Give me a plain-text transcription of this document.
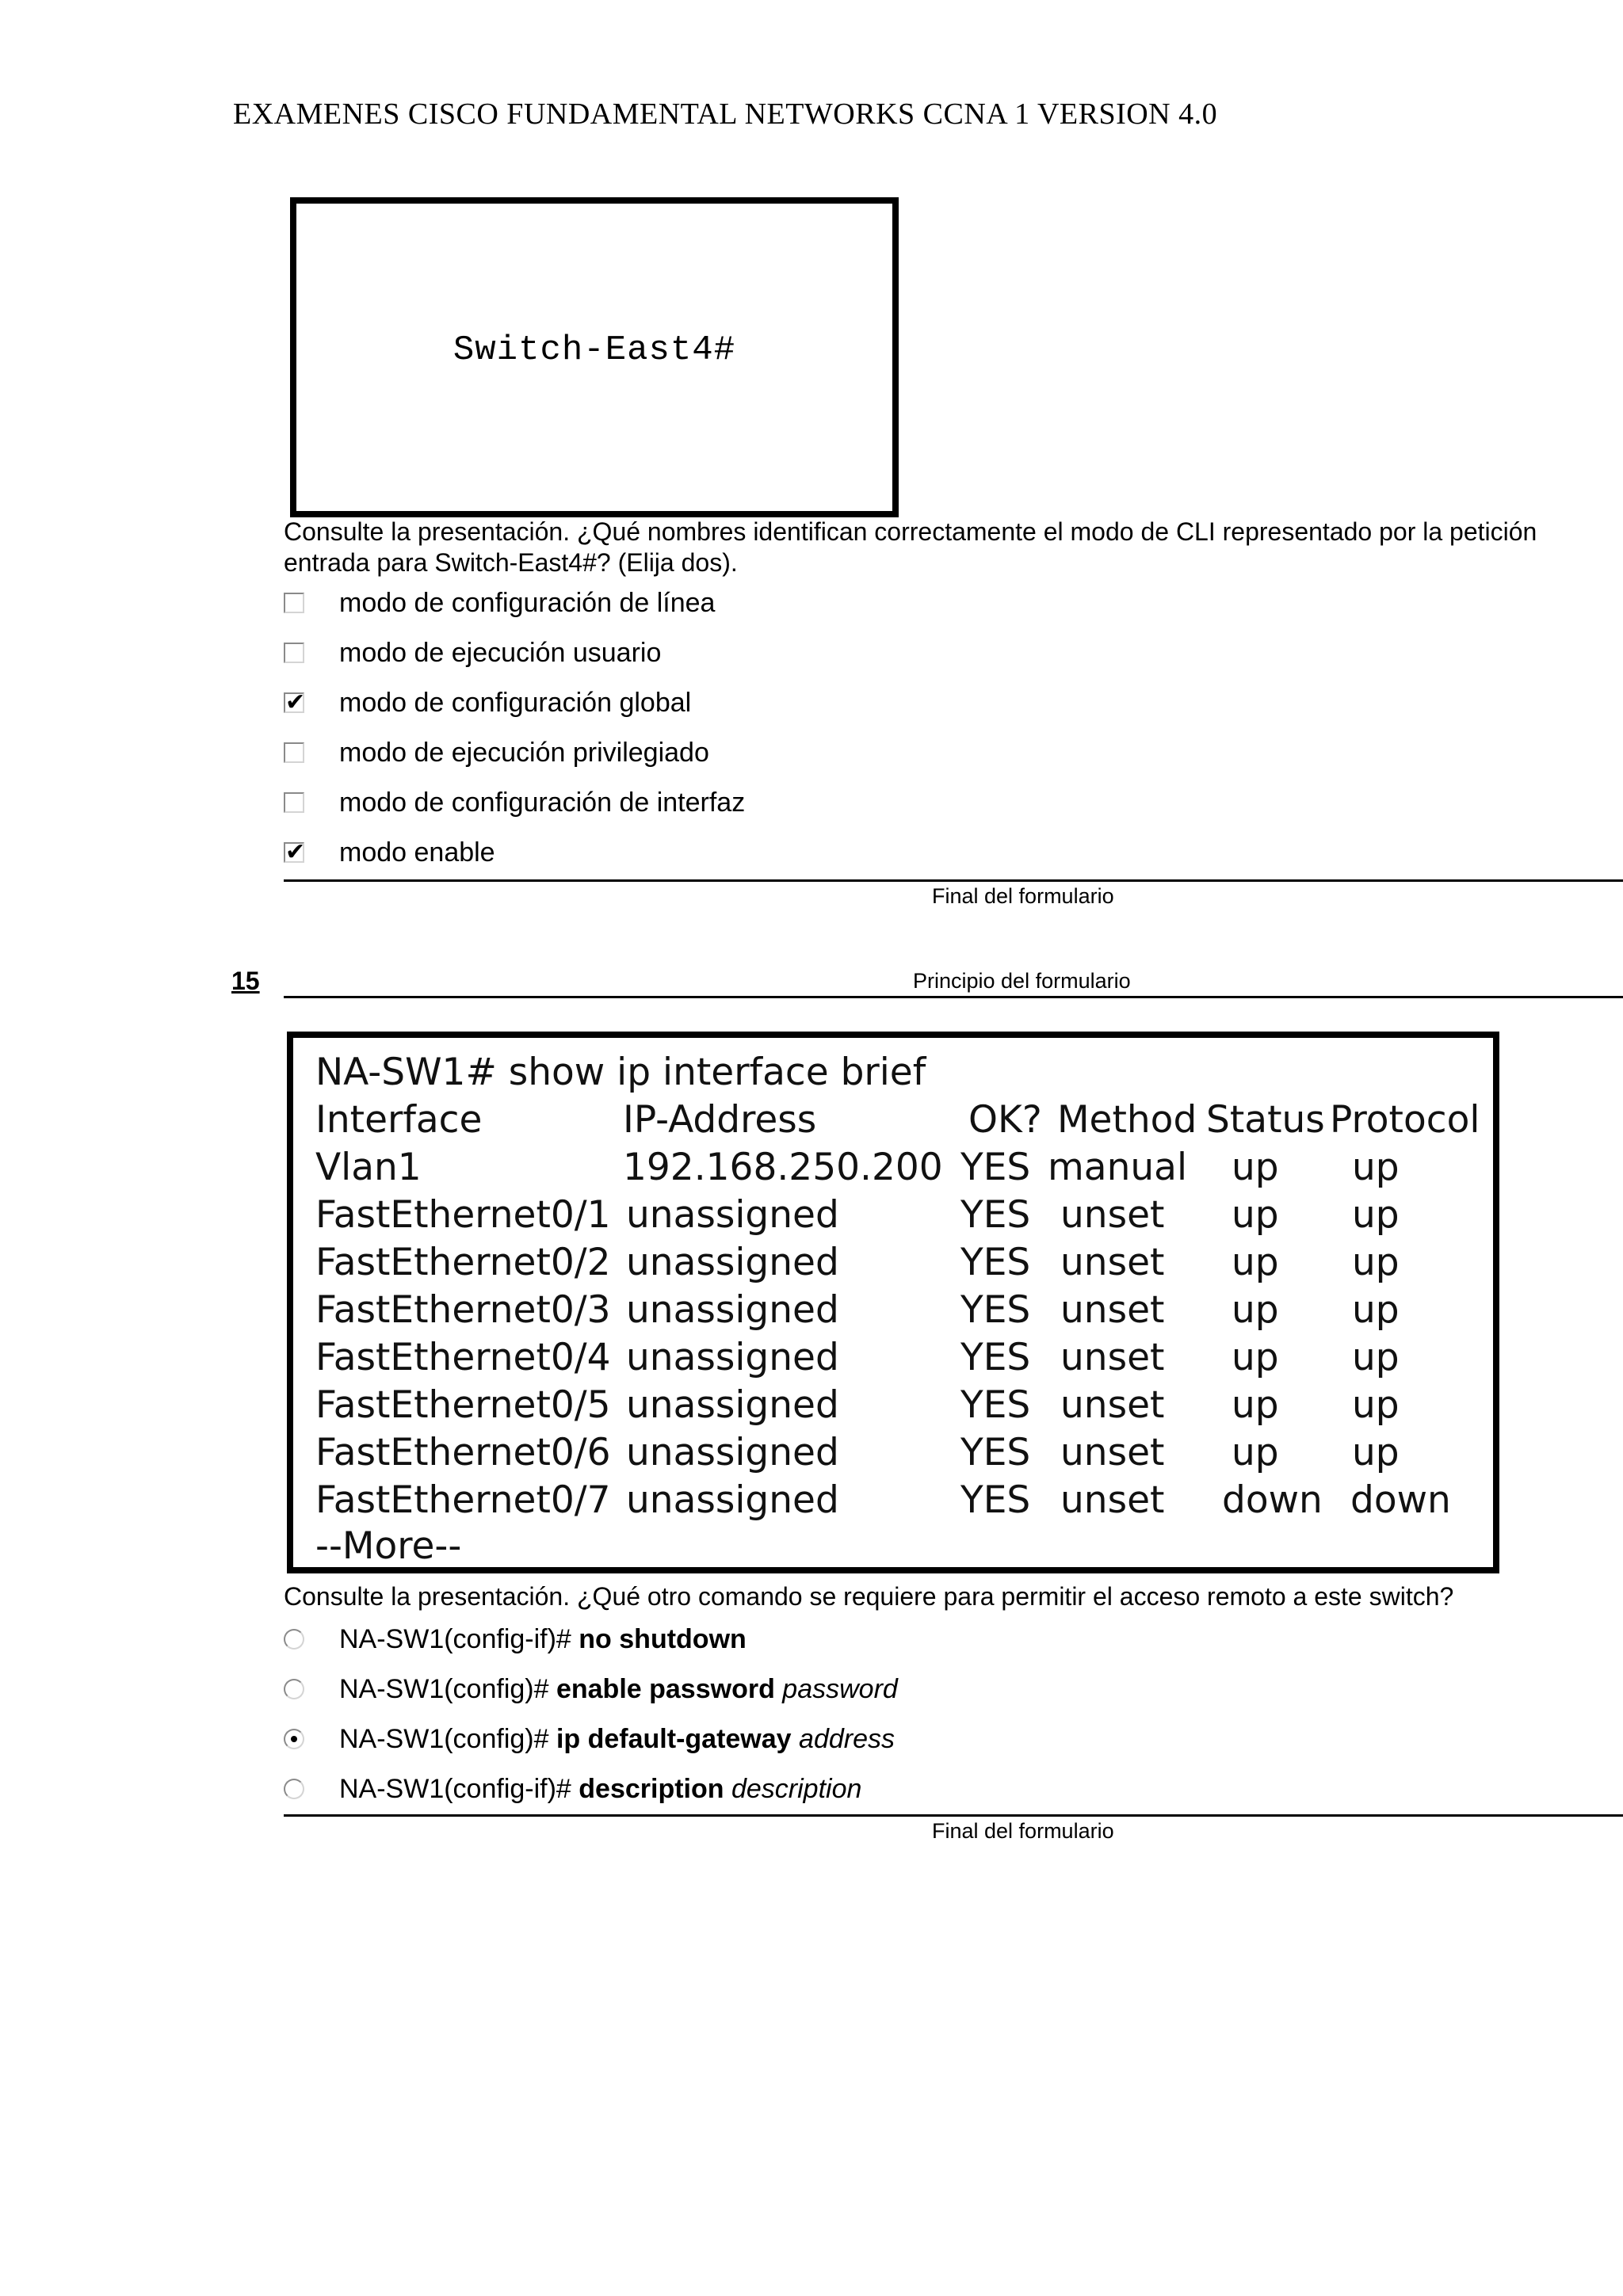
EXAMENES CISCO FUNDAMENTAL NETWORKS CCNA 1 VERSION 4.0
Switch-East4#
Consulte la presentación. ¿Qué nombres identifican correctamente el modo de CLI representado por la petición
entrada para Switch-East4#? (Elija dos).
modo de configuración de línea
modo de ejecución usuario
✔ modo de configuración global
modo de ejecución privilegiado
modo de configuración de interfaz
✔ modo enable
Final del formulario
15	Principio del formulario
NA-SW1# show ip interface brief
Interface	IP-Address	OK? Method Status Protocol
Vlan1	192.168.250.200 YES manual up up
FastEthernet0/1 unassigned	YES unset up up
FastEthernet0/2 unassigned	YES unset up up
FastEthernet0/3 unassigned	YES unset up up
FastEthernet0/4 unassigned	YES unset up up
FastEthernet0/5 unassigned	YES unset up up
FastEthernet0/6 unassigned	YES unset up up
FastEthernet0/7 unassigned	YES unset down down
--More--
Consulte la presentación. ¿Qué otro comando se requiere para permitir el acceso remoto a este switch?
NA-SW1(config-if)# no shutdown
NA-SW1(config)# enable password password
NA-SW1(config)# ip default-gateway address
NA-SW1(config-if)# description description
Final del formulario
